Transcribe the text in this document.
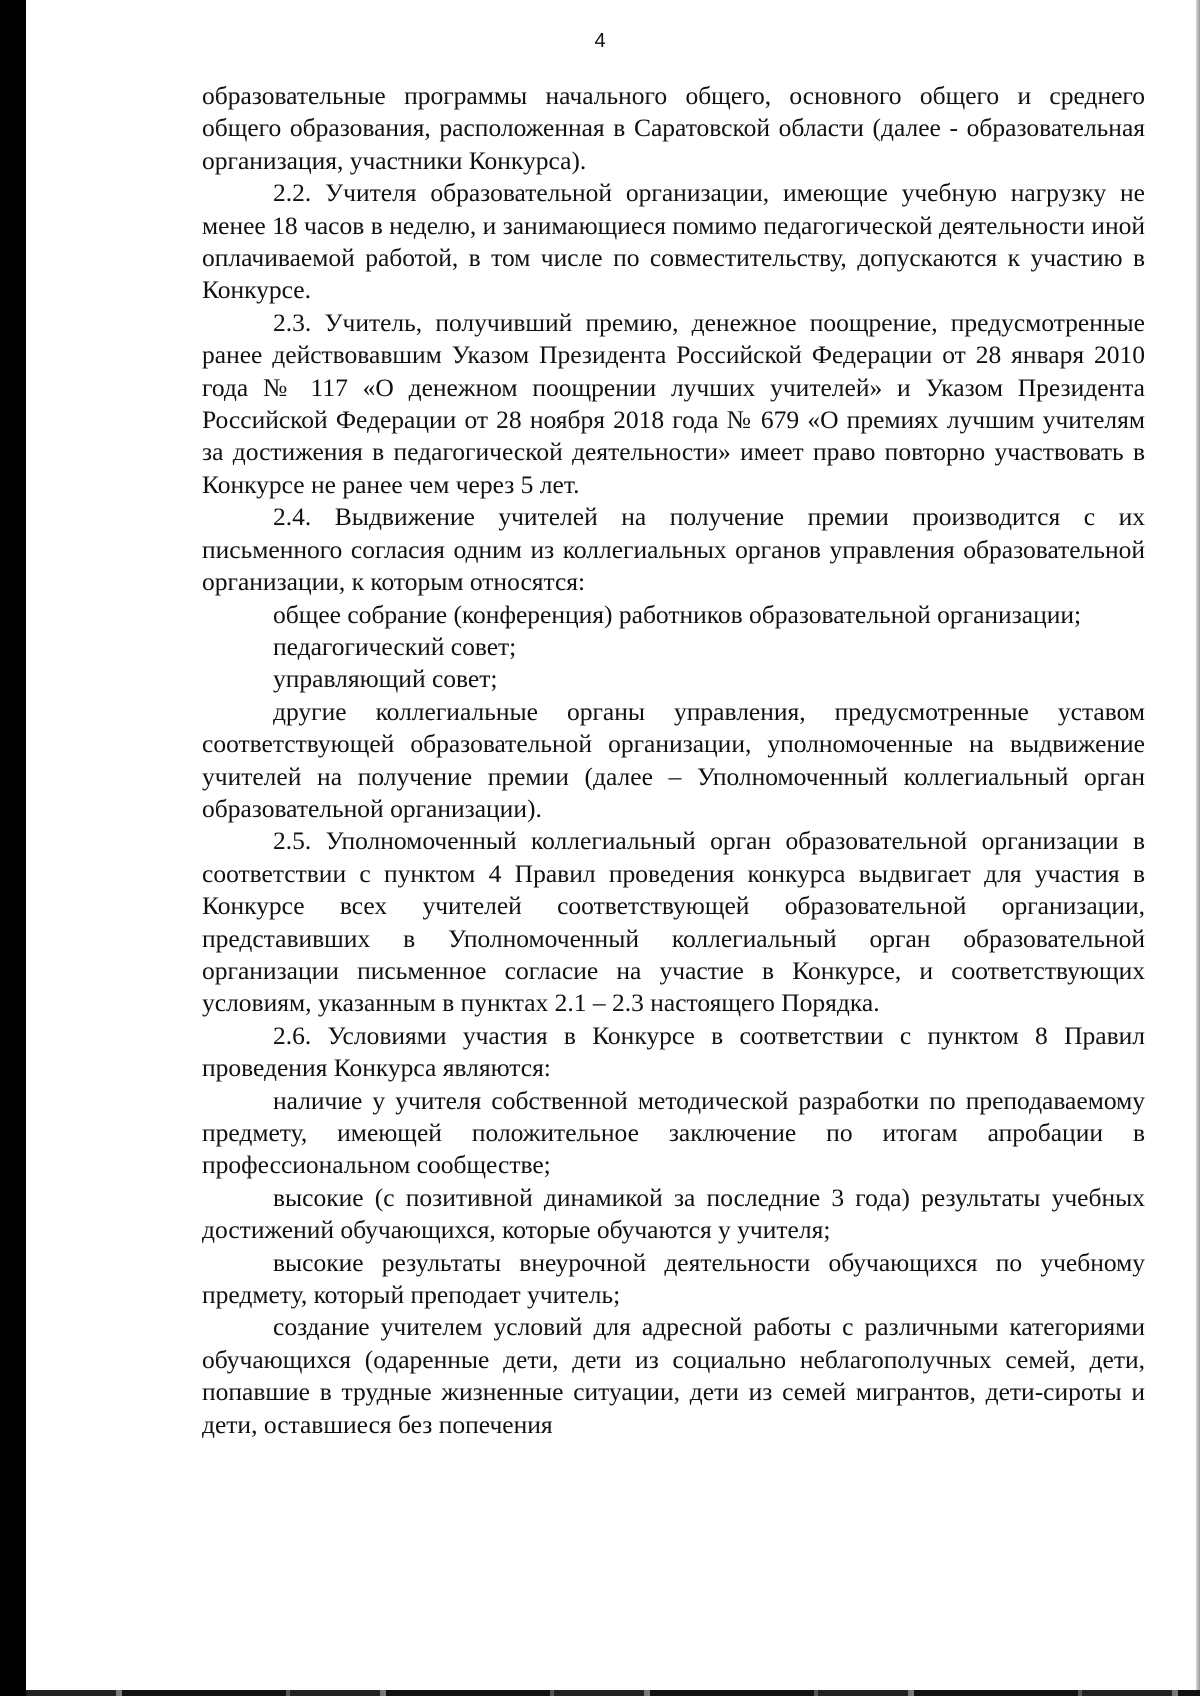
4

образовательные программы начального общего, основного общего и среднего общего образования, расположенная в Саратовской области (далее - образовательная организация, участники Конкурса).

2.2. Учителя образовательной организации, имеющие учебную нагрузку не менее 18 часов в неделю, и занимающиеся помимо педагогической деятельности иной оплачиваемой работой, в том числе по совместительству, допускаются к участию в Конкурсе.

2.3. Учитель, получивший премию, денежное поощрение, предусмотренные ранее действовавшим Указом Президента Российской Федерации от 28 января 2010 года № 117 «О денежном поощрении лучших учителей» и Указом Президента Российской Федерации от 28 ноября 2018 года № 679 «О премиях лучшим учителям за достижения в педагогической деятельности» имеет право повторно участвовать в Конкурсе не ранее чем через 5 лет.

2.4. Выдвижение учителей на получение премии производится с их письменного согласия одним из коллегиальных органов управления образовательной организации, к которым относятся:

общее собрание (конференция) работников образовательной организации;

педагогический совет;

управляющий совет;

другие коллегиальные органы управления, предусмотренные уставом соответствующей образовательной организации, уполномоченные на выдвижение учителей на получение премии (далее – Уполномоченный коллегиальный орган образовательной организации).

2.5. Уполномоченный коллегиальный орган образовательной организации в соответствии с пунктом 4 Правил проведения конкурса выдвигает для участия в Конкурсе всех учителей соответствующей образовательной организации, представивших в Уполномоченный коллегиальный орган образовательной организации письменное согласие на участие в Конкурсе, и соответствующих условиям, указанным в пунктах 2.1 – 2.3 настоящего Порядка.

2.6. Условиями участия в Конкурсе в соответствии с пунктом 8 Правил проведения Конкурса являются:

наличие у учителя собственной методической разработки по преподаваемому предмету, имеющей положительное заключение по итогам апробации в профессиональном сообществе;

высокие (с позитивной динамикой за последние 3 года) результаты учебных достижений обучающихся, которые обучаются у учителя;

высокие результаты внеурочной деятельности обучающихся по учебному предмету, который преподает учитель;

создание учителем условий для адресной работы с различными категориями обучающихся (одаренные дети, дети из социально неблагополучных семей, дети, попавшие в трудные жизненные ситуации, дети из семей мигрантов, дети-сироты и дети, оставшиеся без попечения
